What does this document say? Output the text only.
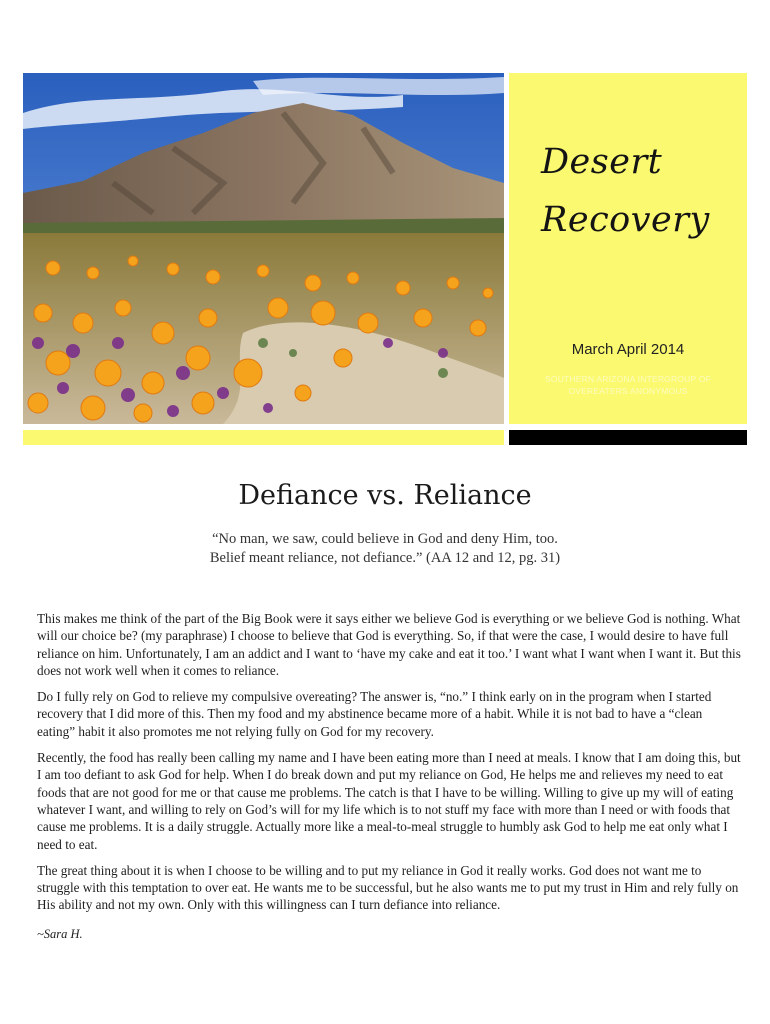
Desert
Recovery
March April 2014
SOUTHERN ARIZONA INTERGROUP OF OVEREATERS ANONYMOUS
Defiance vs. Reliance
“No man, we saw, could believe in God and deny Him, too.
Belief meant reliance, not defiance.” (AA 12 and 12, pg. 31)

This makes me think of the part of the Big Book were it says either we believe God is everything or we believe God is nothing. What will our choice be? (my paraphrase) I choose to believe that God is everything. So, if that were the case, I would desire to have full reliance on him. Unfortunately, I am an addict and I want to ‘have my cake and eat it too.’ I want what I want when I want it. But this does not work well when it comes to reliance.

Do I fully rely on God to relieve my compulsive overeating? The answer is, “no.” I think early on in the program when I started recovery that I did more of this. Then my food and my abstinence became more of a habit. While it is not bad to have a “clean eating” habit it also promotes me not relying fully on God for my recovery.

Recently, the food has really been calling my name and I have been eating more than I need at meals. I know that I am doing this, but I am too defiant to ask God for help. When I do break down and put my reliance on God, He helps me and relieves my need to eat foods that are not good for me or that cause me problems. The catch is that I have to be willing. Willing to give up my will of eating whatever I want, and willing to rely on God’s will for my life which is to not stuff my face with more than I need or with foods that cause me problems. It is a daily struggle. Actually more like a meal-to-meal struggle to humbly ask God to help me eat only what I need to eat.

The great thing about it is when I choose to be willing and to put my reliance in God it really works. God does not want me to struggle with this temptation to over eat. He wants me to be successful, but he also wants me to put my trust in Him and rely fully on His ability and not my own. Only with this willingness can I turn defiance into reliance.

~Sara H.
